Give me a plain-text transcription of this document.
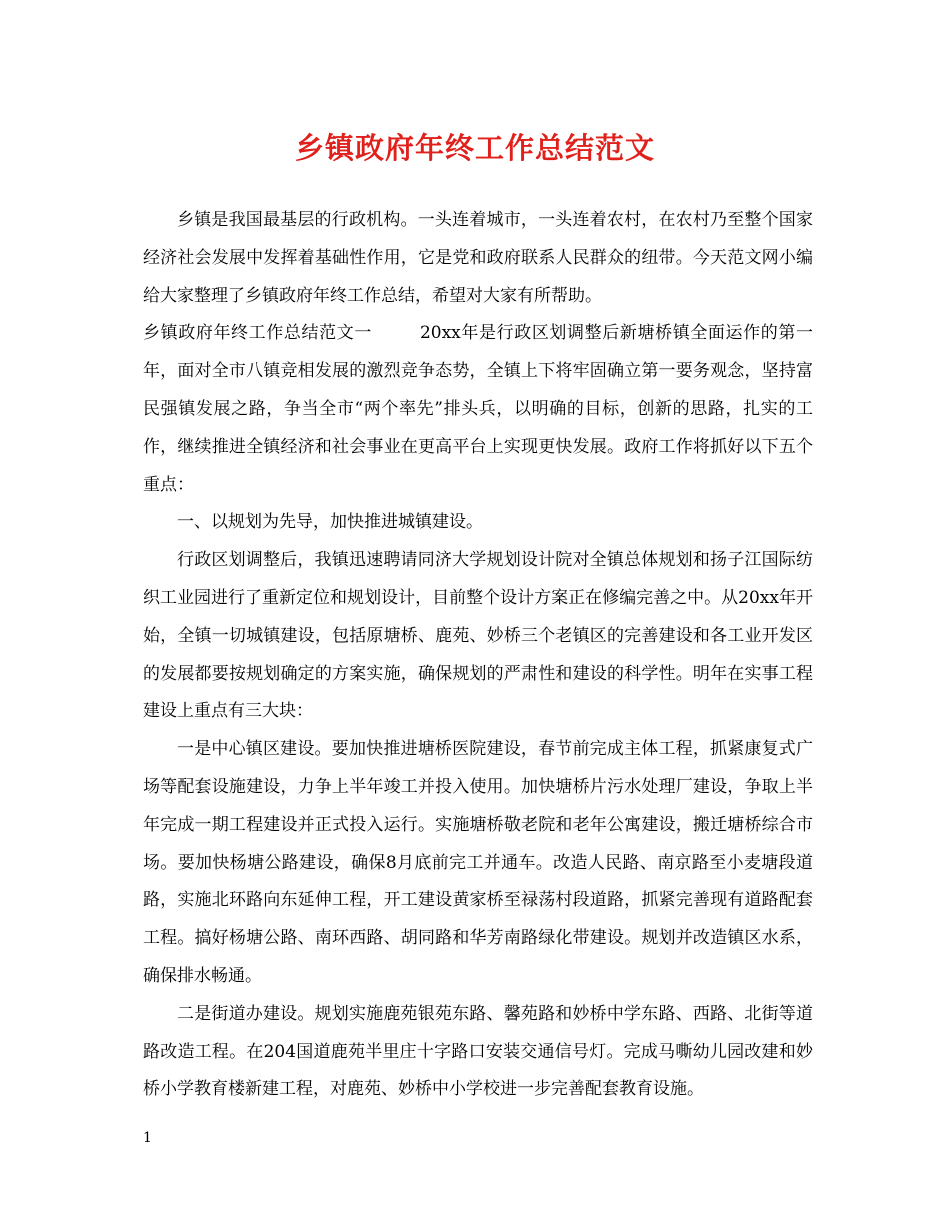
乡镇政府年终工作总结范文

乡镇是我国最基层的行政机构。一头连着城市，一头连着农村，在农村乃至整个国家经济社会发展中发挥着基础性作用，它是党和政府联系人民群众的纽带。今天范文网小编给大家整理了乡镇政府年终工作总结，希望对大家有所帮助。

乡镇政府年终工作总结范文一	20xx年是行政区划调整后新塘桥镇全面运作的第一年，面对全市八镇竞相发展的激烈竞争态势，全镇上下将牢固确立第一要务观念，坚持富民强镇发展之路，争当全市“两个率先”排头兵，以明确的目标，创新的思路，扎实的工作，继续推进全镇经济和社会事业在更高平台上实现更快发展。政府工作将抓好以下五个重点：

一、以规划为先导，加快推进城镇建设。

行政区划调整后，我镇迅速聘请同济大学规划设计院对全镇总体规划和扬子江国际纺织工业园进行了重新定位和规划设计，目前整个设计方案正在修编完善之中。从20xx年开始，全镇一切城镇建设，包括原塘桥、鹿苑、妙桥三个老镇区的完善建设和各工业开发区的发展都要按规划确定的方案实施，确保规划的严肃性和建设的科学性。明年在实事工程建设上重点有三大块：

一是中心镇区建设。要加快推进塘桥医院建设，春节前完成主体工程，抓紧康复式广场等配套设施建设，力争上半年竣工并投入使用。加快塘桥片污水处理厂建设，争取上半年完成一期工程建设并正式投入运行。实施塘桥敬老院和老年公寓建设，搬迁塘桥综合市场。要加快杨塘公路建设，确保8月底前完工并通车。改造人民路、南京路至小麦塘段道路，实施北环路向东延伸工程，开工建设黄家桥至禄荡村段道路，抓紧完善现有道路配套工程。搞好杨塘公路、南环西路、胡同路和华芳南路绿化带建设。规划并改造镇区水系，确保排水畅通。

二是街道办建设。规划实施鹿苑银苑东路、馨苑路和妙桥中学东路、西路、北街等道路改造工程。在204国道鹿苑半里庄十字路口安装交通信号灯。完成马嘶幼儿园改建和妙桥小学教育楼新建工程，对鹿苑、妙桥中小学校进一步完善配套教育设施。

1
